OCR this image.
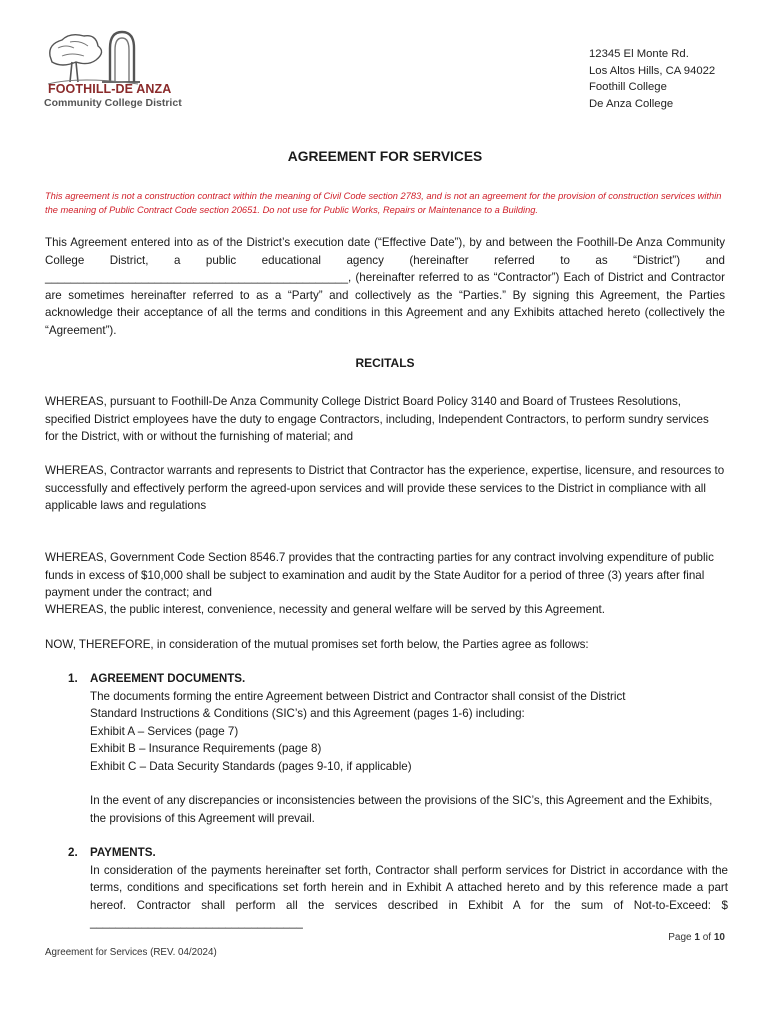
FOOTHILL-DE ANZA
Community College District
12345 El Monte Rd.
Los Altos Hills, CA 94022
Foothill College
De Anza College
AGREEMENT FOR SERVICES
This agreement is not a construction contract within the meaning of Civil Code section 2783, and is not an agreement for the provision of construction services within the meaning of Public Contract Code section 20651. Do not use for Public Works, Repairs or Maintenance to a Building.
This Agreement entered into as of the District’s execution date (“Effective Date”), by and between the Foothill-De Anza Community College District, a public educational agency (hereinafter referred to as “District”) and _______________________________________________, (hereinafter referred to as “Contractor”) Each of District and Contractor are sometimes hereinafter referred to as a “Party” and collectively as the “Parties.” By signing this Agreement, the Parties acknowledge their acceptance of all the terms and conditions in this Agreement and any Exhibits attached hereto (collectively the “Agreement”).
RECITALS
WHEREAS, pursuant to Foothill-De Anza Community College District Board Policy 3140 and Board of Trustees Resolutions, specified District employees have the duty to engage Contractors, including, Independent Contractors, to perform sundry services for the District, with or without the furnishing of material; and
WHEREAS, Contractor warrants and represents to District that Contractor has the experience, expertise, licensure, and resources to successfully and effectively perform the agreed-upon services and will provide these services to the District in compliance with all applicable laws and regulations
WHEREAS, Government Code Section 8546.7 provides that the contracting parties for any contract involving expenditure of public funds in excess of $10,000 shall be subject to examination and audit by the State Auditor for a period of three (3) years after final payment under the contract; and
WHEREAS, the public interest, convenience, necessity and general welfare will be served by this Agreement.
NOW, THEREFORE, in consideration of the mutual promises set forth below, the Parties agree as follows:
1. AGREEMENT DOCUMENTS.
The documents forming the entire Agreement between District and Contractor shall consist of the District
Standard Instructions & Conditions (SIC’s) and this Agreement (pages 1-6) including:
Exhibit A – Services (page 7)
Exhibit B – Insurance Requirements (page 8)
Exhibit C – Data Security Standards (pages 9-10, if applicable)
In the event of any discrepancies or inconsistencies between the provisions of the SIC’s, this Agreement and the Exhibits, the provisions of this Agreement will prevail.
2. PAYMENTS.
In consideration of the payments hereinafter set forth, Contractor shall perform services for District in accordance with the terms, conditions and specifications set forth herein and in Exhibit A attached hereto and by this reference made a part hereof. Contractor shall perform all the services described in Exhibit A for the sum of Not-to-Exceed: $ _________________________________
Page 1 of 10
Agreement for Services (REV. 04/2024)
